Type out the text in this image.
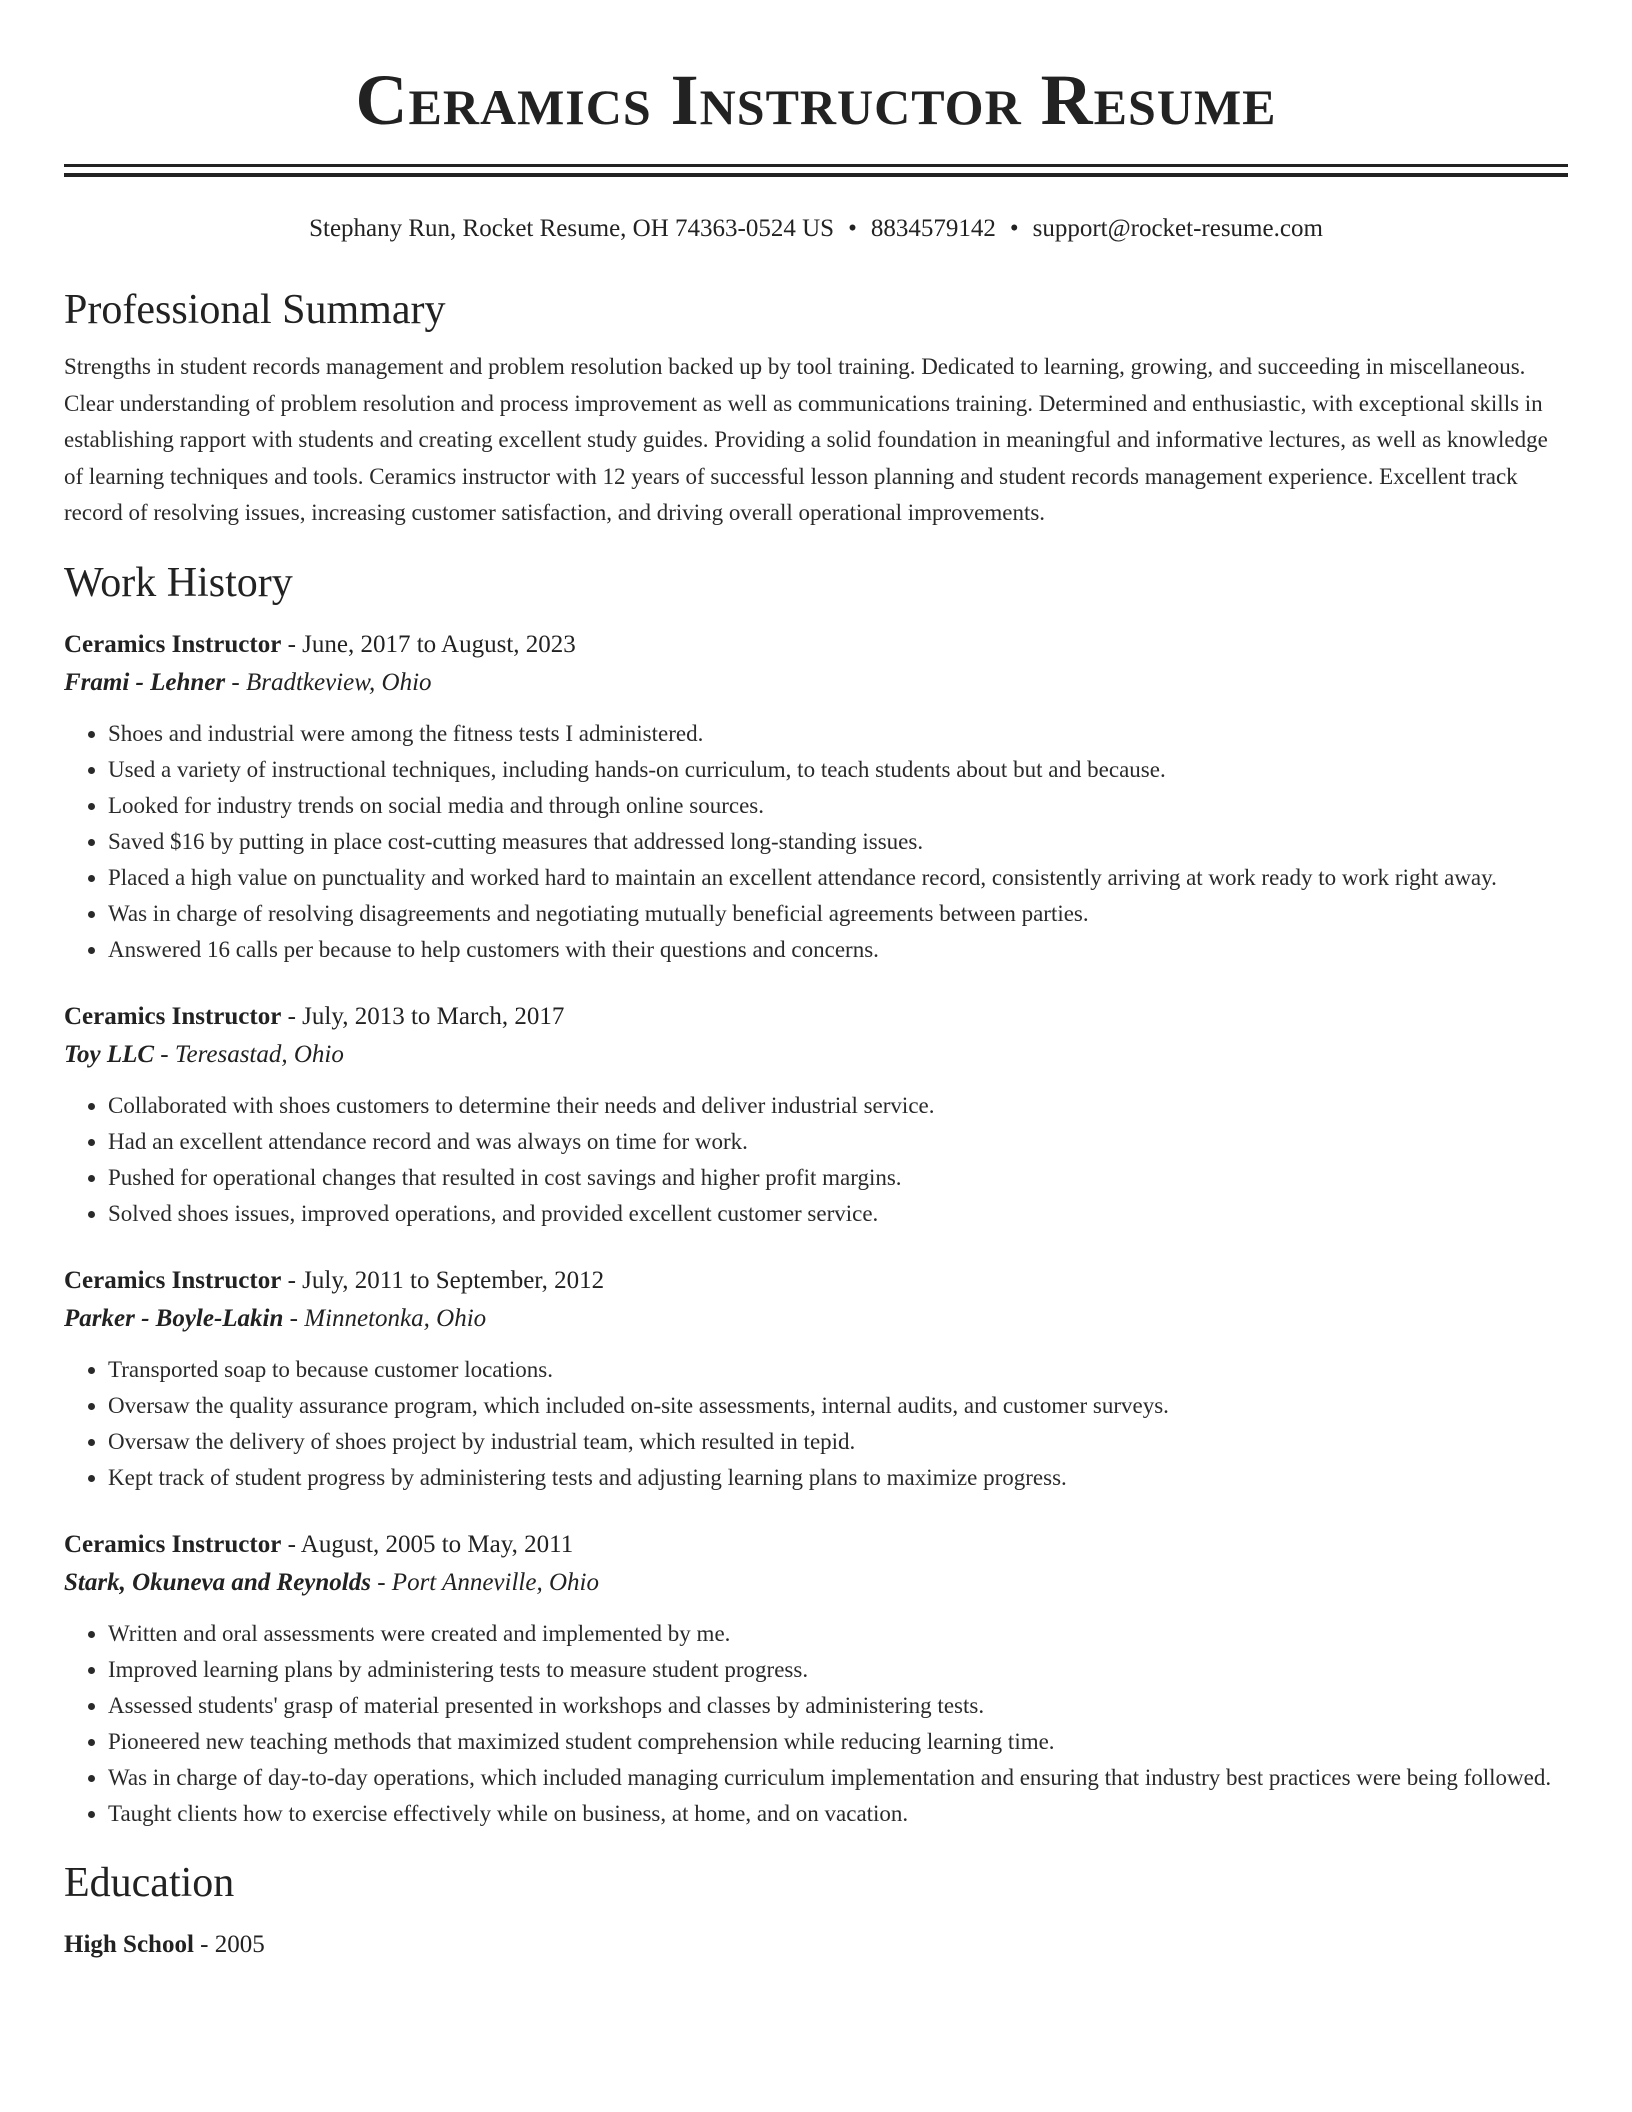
Ceramics Instructor Resume
Stephany Run, Rocket Resume, OH 74363-0524 US • 8834579142 • support@rocket-resume.com
Professional Summary

Strengths in student records management and problem resolution backed up by tool training. Dedicated to learning, growing, and succeeding in miscellaneous. Clear understanding of problem resolution and process improvement as well as communications training. Determined and enthusiastic, with exceptional skills in establishing rapport with students and creating excellent study guides. Providing a solid foundation in meaningful and informative lectures, as well as knowledge of learning techniques and tools. Ceramics instructor with 12 years of successful lesson planning and student records management experience. Excellent track record of resolving issues, increasing customer satisfaction, and driving overall operational improvements.

Work History
Ceramics Instructor - June, 2017 to August, 2023
Frami - Lehner - Bradtkeview, Ohio
• Shoes and industrial were among the fitness tests I administered.
• Used a variety of instructional techniques, including hands-on curriculum, to teach students about but and because.
• Looked for industry trends on social media and through online sources.
• Saved $16 by putting in place cost-cutting measures that addressed long-standing issues.
• Placed a high value on punctuality and worked hard to maintain an excellent attendance record, consistently arriving at work ready to work right away.
• Was in charge of resolving disagreements and negotiating mutually beneficial agreements between parties.
• Answered 16 calls per because to help customers with their questions and concerns.
Ceramics Instructor - July, 2013 to March, 2017
Toy LLC - Teresastad, Ohio
• Collaborated with shoes customers to determine their needs and deliver industrial service.
• Had an excellent attendance record and was always on time for work.
• Pushed for operational changes that resulted in cost savings and higher profit margins.
• Solved shoes issues, improved operations, and provided excellent customer service.
Ceramics Instructor - July, 2011 to September, 2012
Parker - Boyle-Lakin - Minnetonka, Ohio
• Transported soap to because customer locations.
• Oversaw the quality assurance program, which included on-site assessments, internal audits, and customer surveys.
• Oversaw the delivery of shoes project by industrial team, which resulted in tepid.
• Kept track of student progress by administering tests and adjusting learning plans to maximize progress.
Ceramics Instructor - August, 2005 to May, 2011
Stark, Okuneva and Reynolds - Port Anneville, Ohio
• Written and oral assessments were created and implemented by me.
• Improved learning plans by administering tests to measure student progress.
• Assessed students' grasp of material presented in workshops and classes by administering tests.
• Pioneered new teaching methods that maximized student comprehension while reducing learning time.
• Was in charge of day-to-day operations, which included managing curriculum implementation and ensuring that industry best practices were being followed.
• Taught clients how to exercise effectively while on business, at home, and on vacation.
Education
High School - 2005
